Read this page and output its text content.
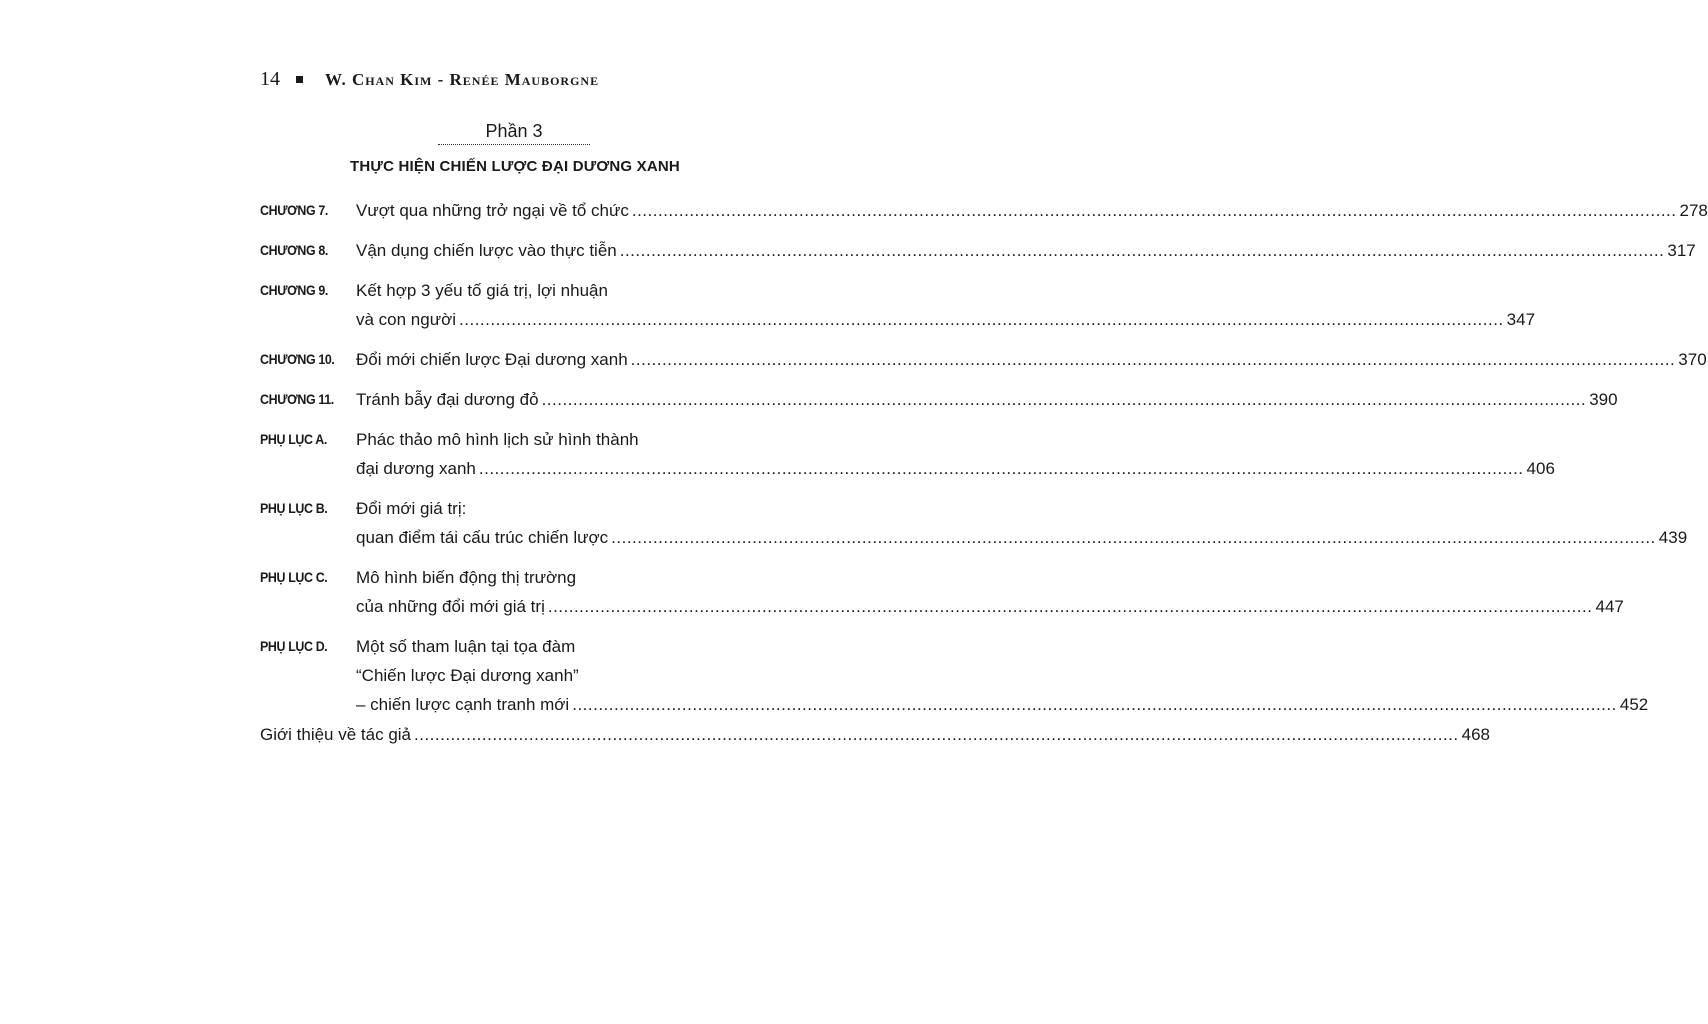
14	W. Chan Kim - Renée Mauborgne
Phần 3
THỰC HIỆN CHIẾN LƯỢC ĐẠI DƯƠNG XANH
CHƯƠNG 7.	Vượt qua những trở ngại về tổ chức .....	278
CHƯƠNG 8.	Vận dụng chiến lược vào thực tiễn .....	317
CHƯƠNG 9.	Kết hợp 3 yếu tố giá trị, lợi nhuận
và con người .....	347
CHƯƠNG 10.	Đổi mới chiến lược Đại dương xanh .....	370
CHƯƠNG 11.	Tránh bẫy đại dương đỏ .....	390
PHỤ LỤC A.	Phác thảo mô hình lịch sử hình thành
đại dương xanh .....	406
PHỤ LỤC B.	Đổi mới giá trị:
quan điểm tái cấu trúc chiến lược .....	439
PHỤ LỤC C.	Mô hình biến động thị trường
của những đổi mới giá trị .....	447
PHỤ LỤC D.	Một số tham luận tại tọa đàm
“Chiến lược Đại dương xanh”
– chiến lược cạnh tranh mới .....	452
Giới thiệu về tác giả .....	468
